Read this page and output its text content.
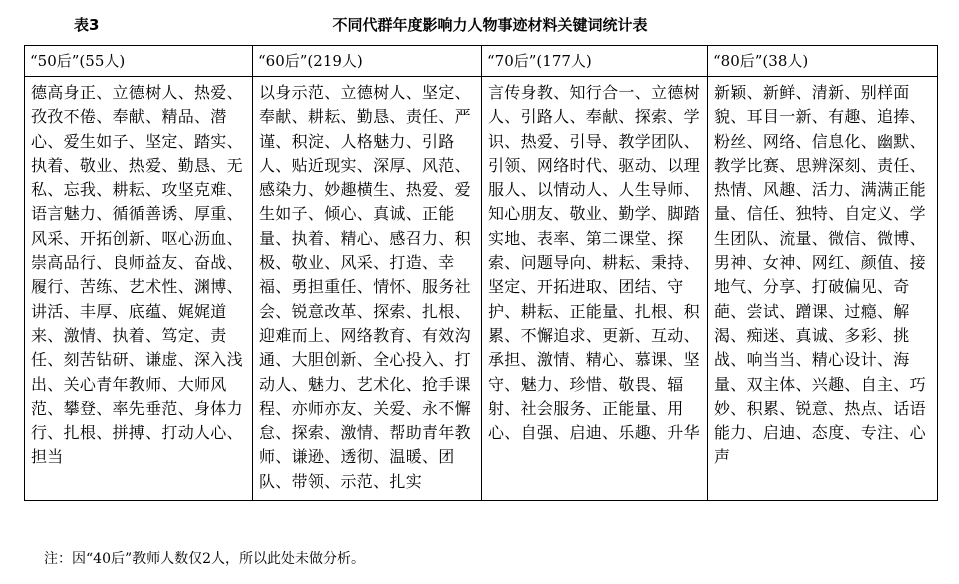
表3	不同代群年度影响力人物事迹材料关键词统计表
“50后”(55人)	“60后”(219人)	“70后”(177人)	“80后”(38人)
德高身正、立德树人、热爱、孜孜不倦、奉献、精品、潜心、爱生如子、坚定、踏实、执着、敬业、热爱、勤恳、无私、忘我、耕耘、攻坚克难、语言魅力、循循善诱、厚重、风采、开拓创新、呕心沥血、崇高品行、良师益友、奋战、履行、苦练、艺术性、渊博、讲活、丰厚、底蕴、娓娓道来、激情、执着、笃定、责任、刻苦钻研、谦虚、深入浅出、关心青年教师、大师风范、攀登、率先垂范、身体力行、扎根、拼搏、打动人心、担当	以身示范、立德树人、坚定、奉献、耕耘、勤恳、责任、严谨、积淀、人格魅力、引路人、贴近现实、深厚、风范、感染力、妙趣横生、热爱、爱生如子、倾心、真诚、正能量、执着、精心、感召力、积极、敬业、风采、打造、幸福、勇担重任、情怀、服务社会、锐意改革、探索、扎根、迎难而上、网络教育、有效沟通、大胆创新、全心投入、打动人、魅力、艺术化、抢手课程、亦师亦友、关爱、永不懈怠、探索、激情、帮助青年教师、谦逊、透彻、温暖、团队、带领、示范、扎实	言传身教、知行合一、立德树人、引路人、奉献、探索、学识、热爱、引导、教学团队、引领、网络时代、驱动、以理服人、以情动人、人生导师、知心朋友、敬业、勤学、脚踏实地、表率、第二课堂、探索、问题导向、耕耘、秉持、坚定、开拓进取、团结、守护、耕耘、正能量、扎根、积累、不懈追求、更新、互动、承担、激情、精心、慕课、坚守、魅力、珍惜、敬畏、辐射、社会服务、正能量、用心、自强、启迪、乐趣、升华	新颖、新鲜、清新、别样面貌、耳目一新、有趣、追捧、粉丝、网络、信息化、幽默、教学比赛、思辨深刻、责任、热情、风趣、活力、满满正能量、信任、独特、自定义、学生团队、流量、微信、微博、男神、女神、网红、颜值、接地气、分享、打破偏见、奇葩、尝试、蹭课、过瘾、解渴、痴迷、真诚、多彩、挑战、响当当、精心设计、海量、双主体、兴趣、自主、巧妙、积累、锐意、热点、话语能力、启迪、态度、专注、心声
注：因“40后”教师人数仅2人，所以此处未做分析。
